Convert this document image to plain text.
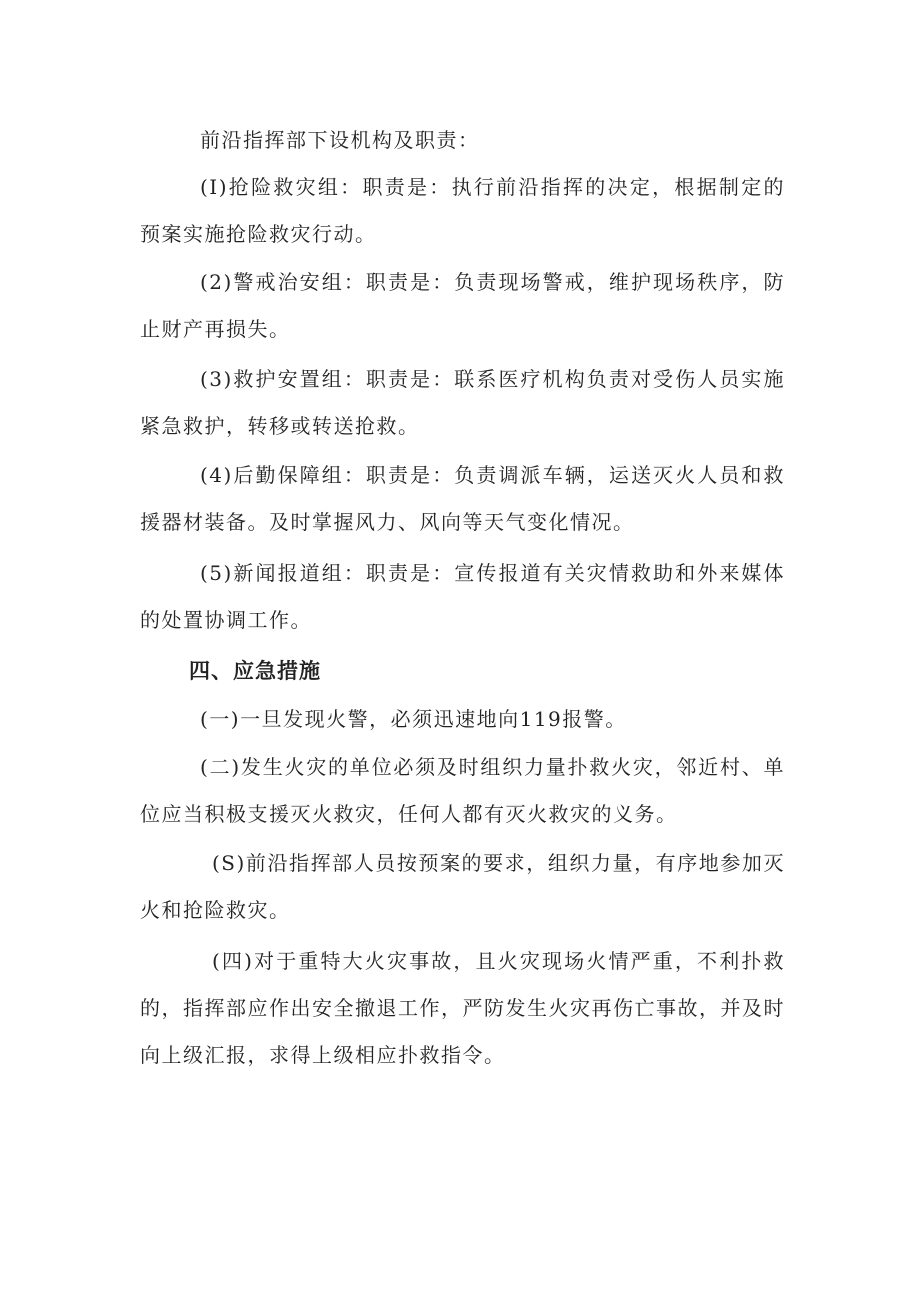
前沿指挥部下设机构及职责：

(I)抢险救灾组：职责是：执行前沿指挥的决定，根据制定的预案实施抢险救灾行动。

(2)警戒治安组：职责是：负责现场警戒，维护现场秩序，防止财产再损失。

(3)救护安置组：职责是：联系医疗机构负责对受伤人员实施紧急救护，转移或转送抢救。

(4)后勤保障组：职责是：负责调派车辆，运送灭火人员和救援器材装备。及时掌握风力、风向等天气变化情况。

(5)新闻报道组：职责是：宣传报道有关灾情救助和外来媒体的处置协调工作。

四、应急措施

(一)一旦发现火警，必须迅速地向119报警。

(二)发生火灾的单位必须及时组织力量扑救火灾，邻近村、单位应当积极支援灭火救灾，任何人都有灭火救灾的义务。

(S)前沿指挥部人员按预案的要求，组织力量，有序地参加灭火和抢险救灾。

(四)对于重特大火灾事故，且火灾现场火情严重，不利扑救的，指挥部应作出安全撤退工作，严防发生火灾再伤亡事故，并及时向上级汇报，求得上级相应扑救指令。
